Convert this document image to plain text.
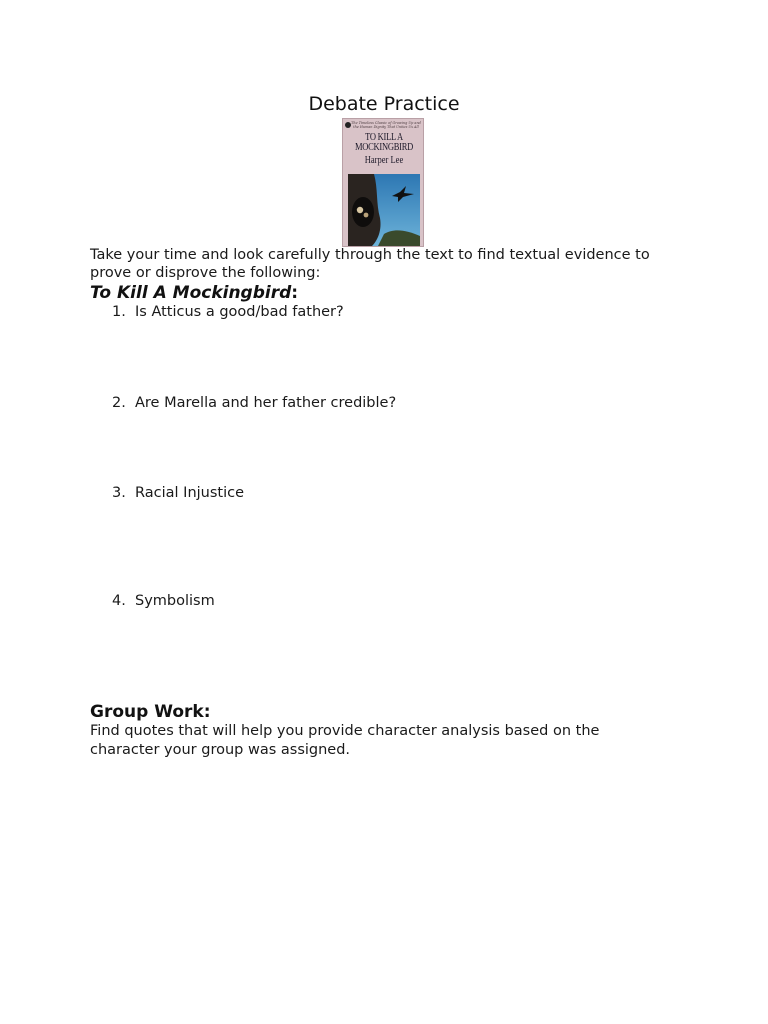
Debate Practice
The Timeless Classic of Growing Up and the Human Dignity That Unites Us All
TO KILL A
MOCKINGBIRD
Harper Lee
Take your time and look carefully through the text to find textual evidence to prove or disprove the following:
To Kill A Mockingbird:
1. Is Atticus a good/bad father?
2. Are Marella and her father credible?
3. Racial Injustice
4. Symbolism
Group Work:
Find quotes that will help you provide character analysis based on the character your group was assigned.
